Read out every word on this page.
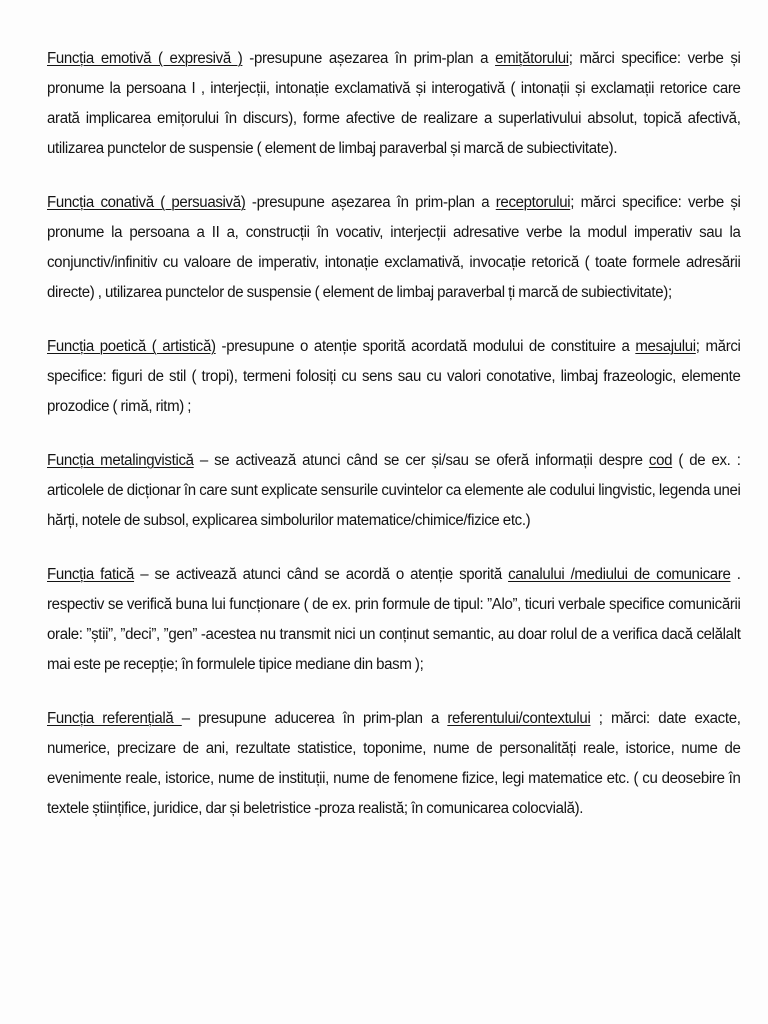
Funcția emotivă ( expresivă ) -presupune așezarea în prim-plan a emițătorului; mărci specifice: verbe și pronume la persoana I , interjecții, intonație exclamativă și interogativă ( intonații și exclamații retorice care arată implicarea emițorului în discurs), forme afective de realizare a superlativului absolut, topică afectivă, utilizarea punctelor de suspensie ( element de limbaj paraverbal și marcă de subiectivitate).

Funcția conativă ( persuasivă) -presupune așezarea în prim-plan a receptorului; mărci specifice: verbe și pronume la persoana a II a, construcții în vocativ, interjecții adresative verbe la modul imperativ sau la conjunctiv/infinitiv cu valoare de imperativ, intonație exclamativă, invocație retorică ( toate formele adresării directe) , utilizarea punctelor de suspensie ( element de limbaj paraverbal ți marcă de subiectivitate);

Funcția poetică ( artistică) -presupune o atenție sporită acordată modului de constituire a mesajului; mărci specifice: figuri de stil ( tropi), termeni folosiți cu sens sau cu valori conotative, limbaj frazeologic, elemente prozodice ( rimă, ritm) ;

Funcția metalingvistică – se activează atunci când se cer și/sau se oferă informații despre cod ( de ex. : articolele de dicționar în care sunt explicate sensurile cuvintelor ca elemente ale codului lingvistic, legenda unei hărți, notele de subsol, explicarea simbolurilor matematice/chimice/fizice etc.)

Funcția fatică – se activează atunci când se acordă o atenție sporită canalului /mediului de comunicare . respectiv se verifică buna lui funcționare ( de ex. prin formule de tipul: ”Alo”, ticuri verbale specifice comunicării orale: ”știi”, ”deci”, ”gen” -acestea nu transmit nici un conținut semantic, au doar rolul de a verifica dacă celălalt mai este pe recepție; în formulele tipice mediane din basm );

Funcția referențială – presupune aducerea în prim-plan a referentului/contextului ; mărci: date exacte, numerice, precizare de ani, rezultate statistice, toponime, nume de personalități reale, istorice, nume de evenimente reale, istorice, nume de instituții, nume de fenomene fizice, legi matematice etc. ( cu deosebire în textele științifice, juridice, dar și beletristice -proza realistă; în comunicarea colocvială).
